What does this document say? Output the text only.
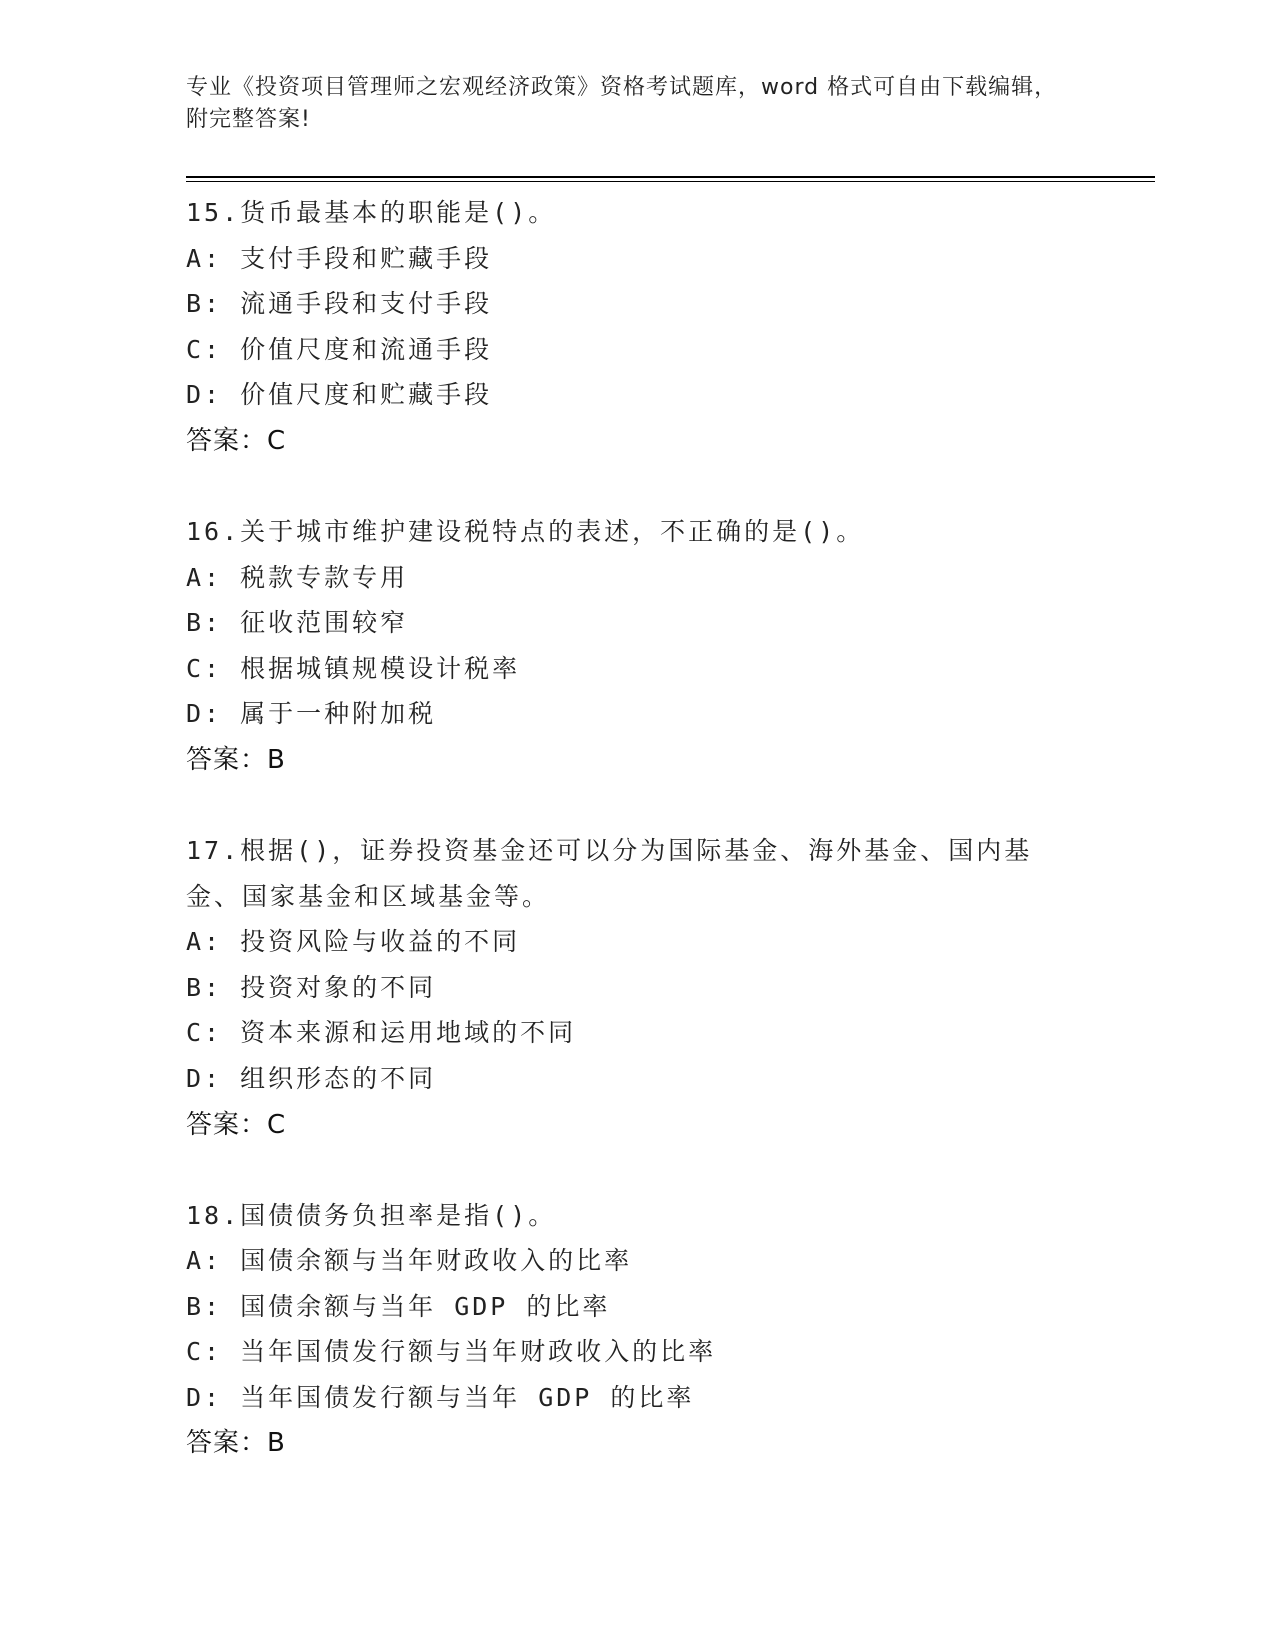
专业《投资项目管理师之宏观经济政策》资格考试题库，word 格式可自由下载编辑，附完整答案!
15.货币最基本的职能是()。
A: 支付手段和贮藏手段
B: 流通手段和支付手段
C: 价值尺度和流通手段
D: 价值尺度和贮藏手段
答案：C
16.关于城市维护建设税特点的表述，不正确的是()。
A: 税款专款专用
B: 征收范围较窄
C: 根据城镇规模设计税率
D: 属于一种附加税
答案：B
17.根据()，证券投资基金还可以分为国际基金、海外基金、国内基金、国家基金和区域基金等。
A: 投资风险与收益的不同
B: 投资对象的不同
C: 资本来源和运用地域的不同
D: 组织形态的不同
答案：C
18.国债债务负担率是指()。
A: 国债余额与当年财政收入的比率
B: 国债余额与当年 GDP 的比率
C: 当年国债发行额与当年财政收入的比率
D: 当年国债发行额与当年 GDP 的比率
答案：B
